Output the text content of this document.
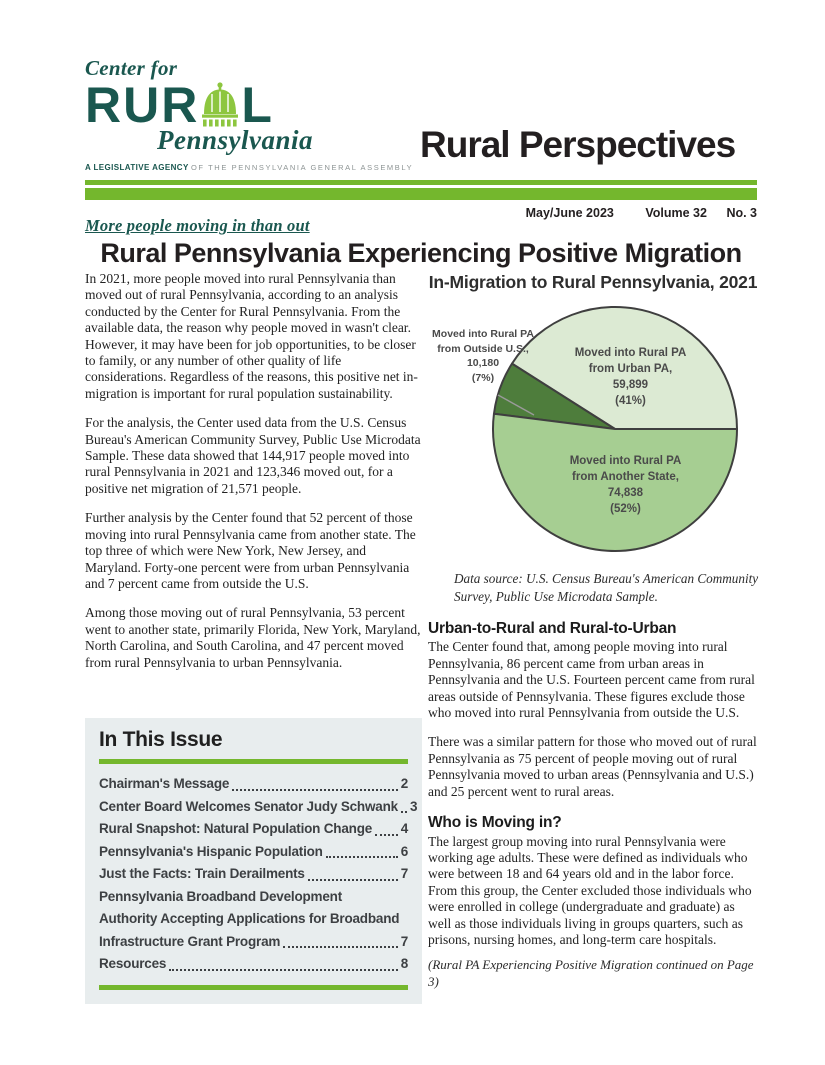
Center for
RUR L
Pennsylvania
A LEGISLATIVE AGENCY OF THE PENNSYLVANIA GENERAL ASSEMBLY
Rural Perspectives
May/June 2023	Volume 32 No. 3
More people moving in than out
Rural Pennsylvania Experiencing Positive Migration

In 2021, more people moved into rural Pennsylvania than moved out of rural Pennsylvania, according to an analysis conducted by the Center for Rural Pennsylvania. From the available data, the reason why people moved in wasn't clear. However, it may have been for job opportunities, to be closer to family, or any number of other quality of life considerations. Regardless of the reasons, this positive net in-migration is important for rural population sustainability.

For the analysis, the Center used data from the U.S. Census Bureau's American Community Survey, Public Use Microdata Sample. These data showed that 144,917 people moved into rural Pennsylvania in 2021 and 123,346 moved out, for a positive net migration of 21,571 people.

Further analysis by the Center found that 52 percent of those moving into rural Pennsylvania came from another state. The top three of which were New York, New Jersey, and Maryland. Forty-one percent were from urban Pennsylvania and 7 percent came from outside the U.S.

Among those moving out of rural Pennsylvania, 53 percent went to another state, primarily Florida, New York, Maryland, North Carolina, and South Carolina, and 47 percent moved from rural Pennsylvania to urban Pennsylvania.

In This Issue
Chairman's Message	2
Center Board Welcomes Senator Judy Schwank 3
Rural Snapshot: Natural Population Change 4
Pennsylvania's Hispanic Population	6
Just the Facts: Train Derailments	7
Pennsylvania Broadband Development
Authority Accepting Applications for Broadband
Infrastructure Grant Program	7
Resources	8
In-Migration to Rural Pennsylvania, 2021
Moved into Rural PA
from Urban PA,
59,899
(41%)
Moved into Rural PA
from Outside U.S.,
10,180
(7%)
Moved into Rural PA
from Another State,
74,838
(52%)
Data source: U.S. Census Bureau's American Community Survey, Public Use Microdata Sample.
Urban-to-Rural and Rural-to-Urban

The Center found that, among people moving into rural Pennsylvania, 86 percent came from urban areas in Pennsylvania and the U.S. Fourteen percent came from rural areas outside of Pennsylvania. These figures exclude those who moved into rural Pennsylvania from outside the U.S.

There was a similar pattern for those who moved out of rural Pennsylvania as 75 percent of people moving out of rural Pennsylvania moved to urban areas (Pennsylvania and U.S.) and 25 percent went to rural areas.

Who is Moving in?

The largest group moving into rural Pennsylvania were working age adults. These were defined as individuals who were between 18 and 64 years old and in the labor force. From this group, the Center excluded those individuals who were enrolled in college (undergraduate and graduate) as well as those individuals living in groups quarters, such as prisons, nursing homes, and long-term care hospitals.

(Rural PA Experiencing Positive Migration continued on Page 3)
